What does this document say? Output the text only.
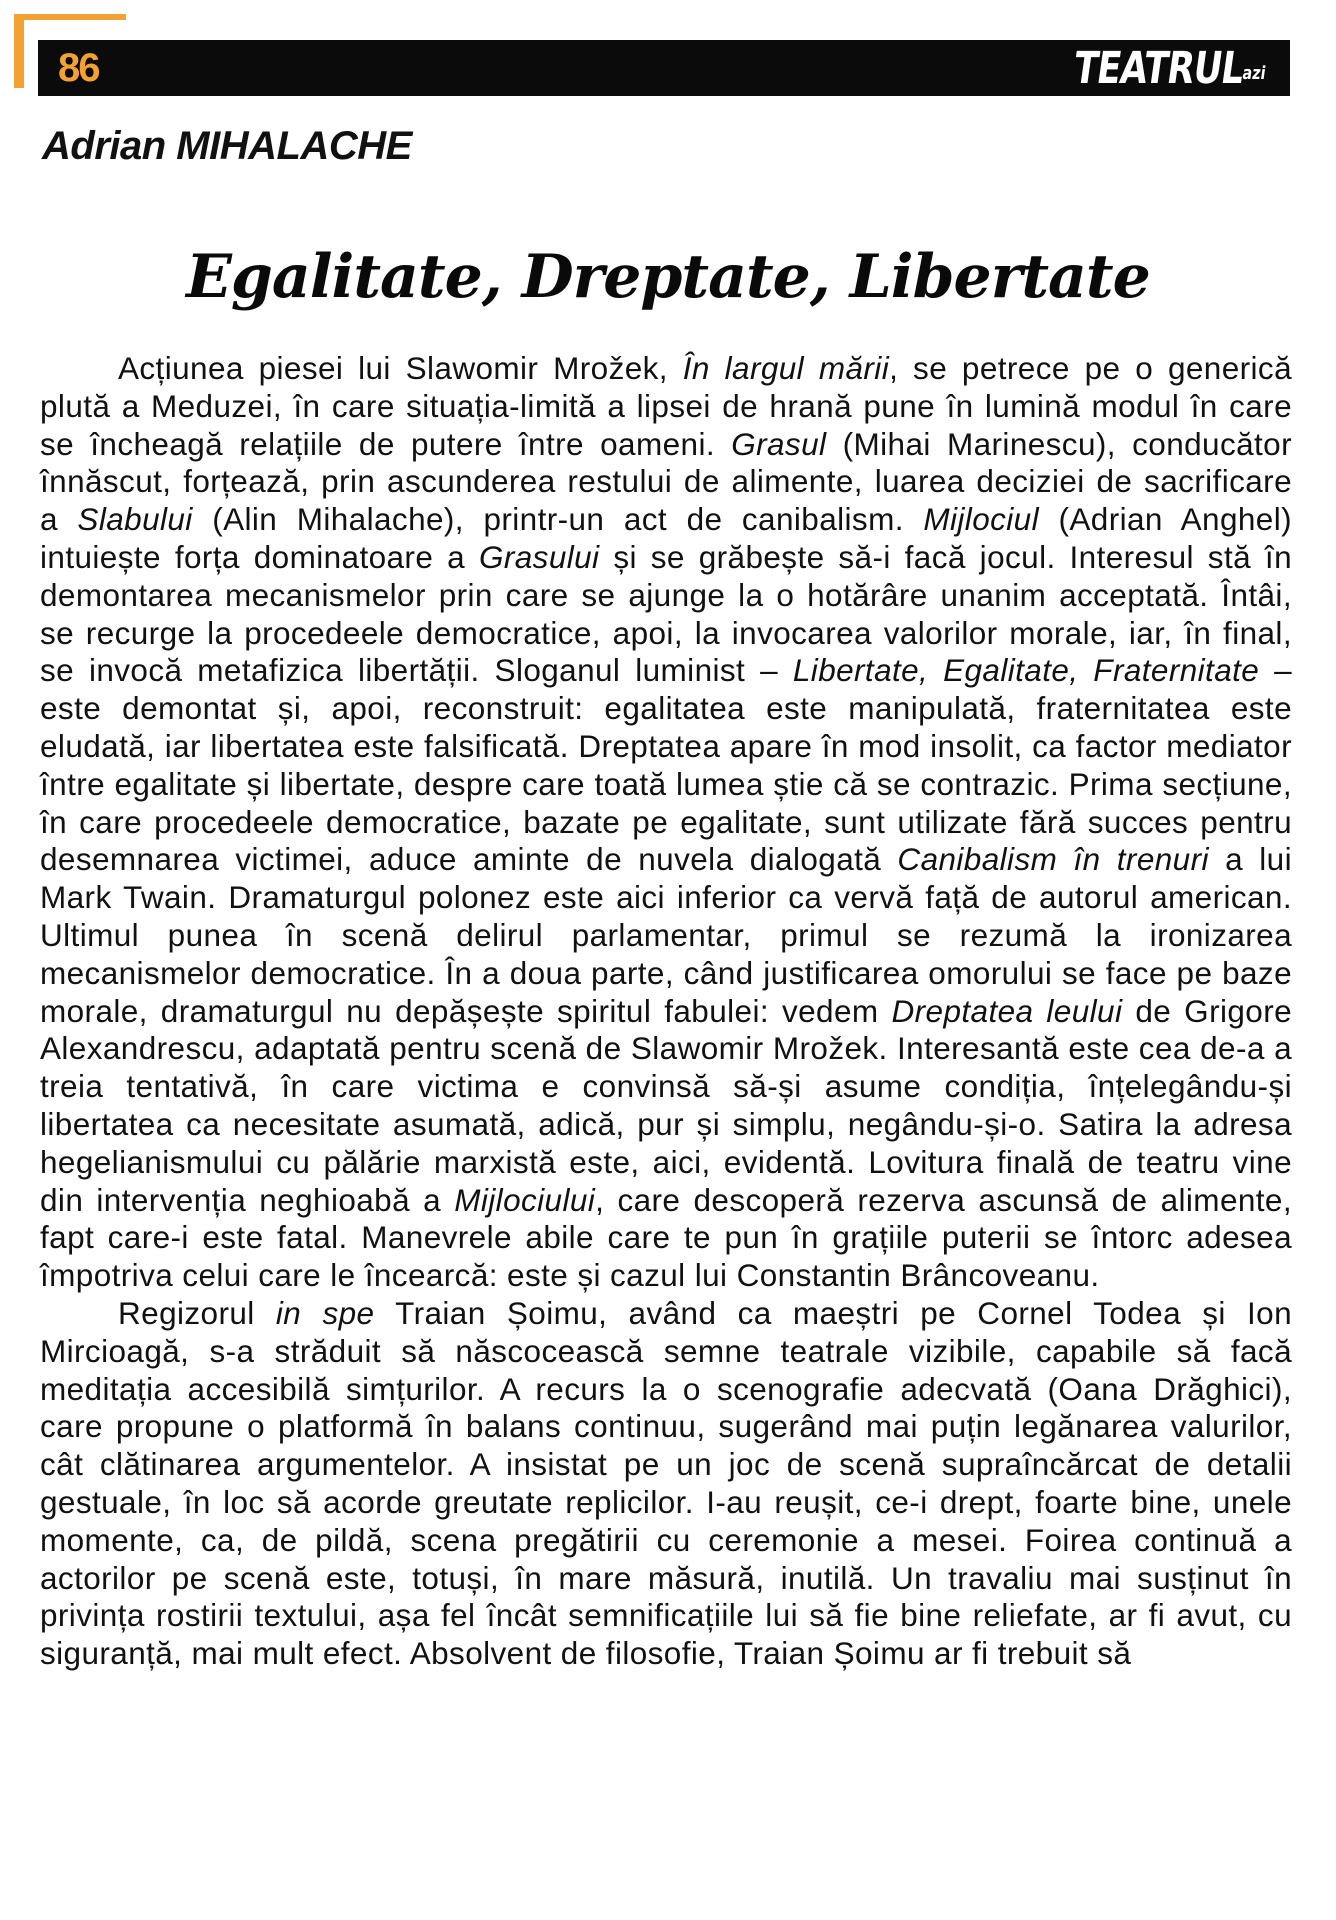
86	TEATRULazi
Adrian MIHALACHE
Egalitate, Dreptate, Libertate

Acțiunea piesei lui Slawomir Mrožek, În largul mării, se petrece pe o generică plută a Meduzei, în care situația-limită a lipsei de hrană pune în lumină modul în care se încheagă relațiile de putere între oameni. Grasul (Mihai Marinescu), conducător înnăscut, forțează, prin ascunderea restului de alimente, luarea deciziei de sacrificare a Slabului (Alin Mihalache), printr-un act de canibalism. Mijlociul (Adrian Anghel) intuiește forța dominatoare a Grasului și se grăbește să-i facă jocul. Interesul stă în demontarea mecanismelor prin care se ajunge la o hotărâre unanim acceptată. Întâi, se recurge la procedeele democratice, apoi, la invocarea valorilor morale, iar, în final, se invocă metafizica libertății. Sloganul luminist – Libertate, Egalitate, Fraternitate – este demontat și, apoi, reconstruit: egalitatea este manipulată, fraternitatea este eludată, iar libertatea este falsificată. Dreptatea apare în mod insolit, ca factor mediator între egalitate și libertate, despre care toată lumea știe că se contrazic. Prima secțiune, în care procedeele democratice, bazate pe egalitate, sunt utilizate fără succes pentru desemnarea victimei, aduce aminte de nuvela dialogată Canibalism în trenuri a lui Mark Twain. Dramaturgul polonez este aici inferior ca vervă față de autorul american. Ultimul punea în scenă delirul parlamentar, primul se rezumă la ironizarea mecanismelor democratice. În a doua parte, când justificarea omorului se face pe baze morale, dramaturgul nu depășește spiritul fabulei: vedem Dreptatea leului de Grigore Alexandrescu, adaptată pentru scenă de Slawomir Mrožek. Interesantă este cea de-a a treia tentativă, în care victima e convinsă să-și asume condiția, înțelegându-și libertatea ca necesitate asumată, adică, pur și simplu, negându-și-o. Satira la adresa hegelianismului cu pălărie marxistă este, aici, evidentă. Lovitura finală de teatru vine din intervenția neghioabă a Mijlociului, care descoperă rezerva ascunsă de alimente, fapt care-i este fatal. Manevrele abile care te pun în grațiile puterii se întorc adesea împotriva celui care le încearcă: este și cazul lui Constantin Brâncoveanu.

Regizorul in spe Traian Șoimu, având ca maeștri pe Cornel Todea și Ion Mircioagă, s-a străduit să născocească semne teatrale vizibile, capabile să facă meditația accesibilă simțurilor. A recurs la o scenografie adecvată (Oana Drăghici), care propune o platformă în balans continuu, sugerând mai puțin legănarea valurilor, cât clătinarea argumentelor. A insistat pe un joc de scenă supraîncărcat de detalii gestuale, în loc să acorde greutate replicilor. I-au reușit, ce-i drept, foarte bine, unele momente, ca, de pildă, scena pregătirii cu ceremonie a mesei. Foirea continuă a actorilor pe scenă este, totuși, în mare măsură, inutilă. Un travaliu mai susținut în privința rostirii textului, așa fel încât semnificațiile lui să fie bine reliefate, ar fi avut, cu siguranță, mai mult efect. Absolvent de filosofie, Traian Șoimu ar fi trebuit să
